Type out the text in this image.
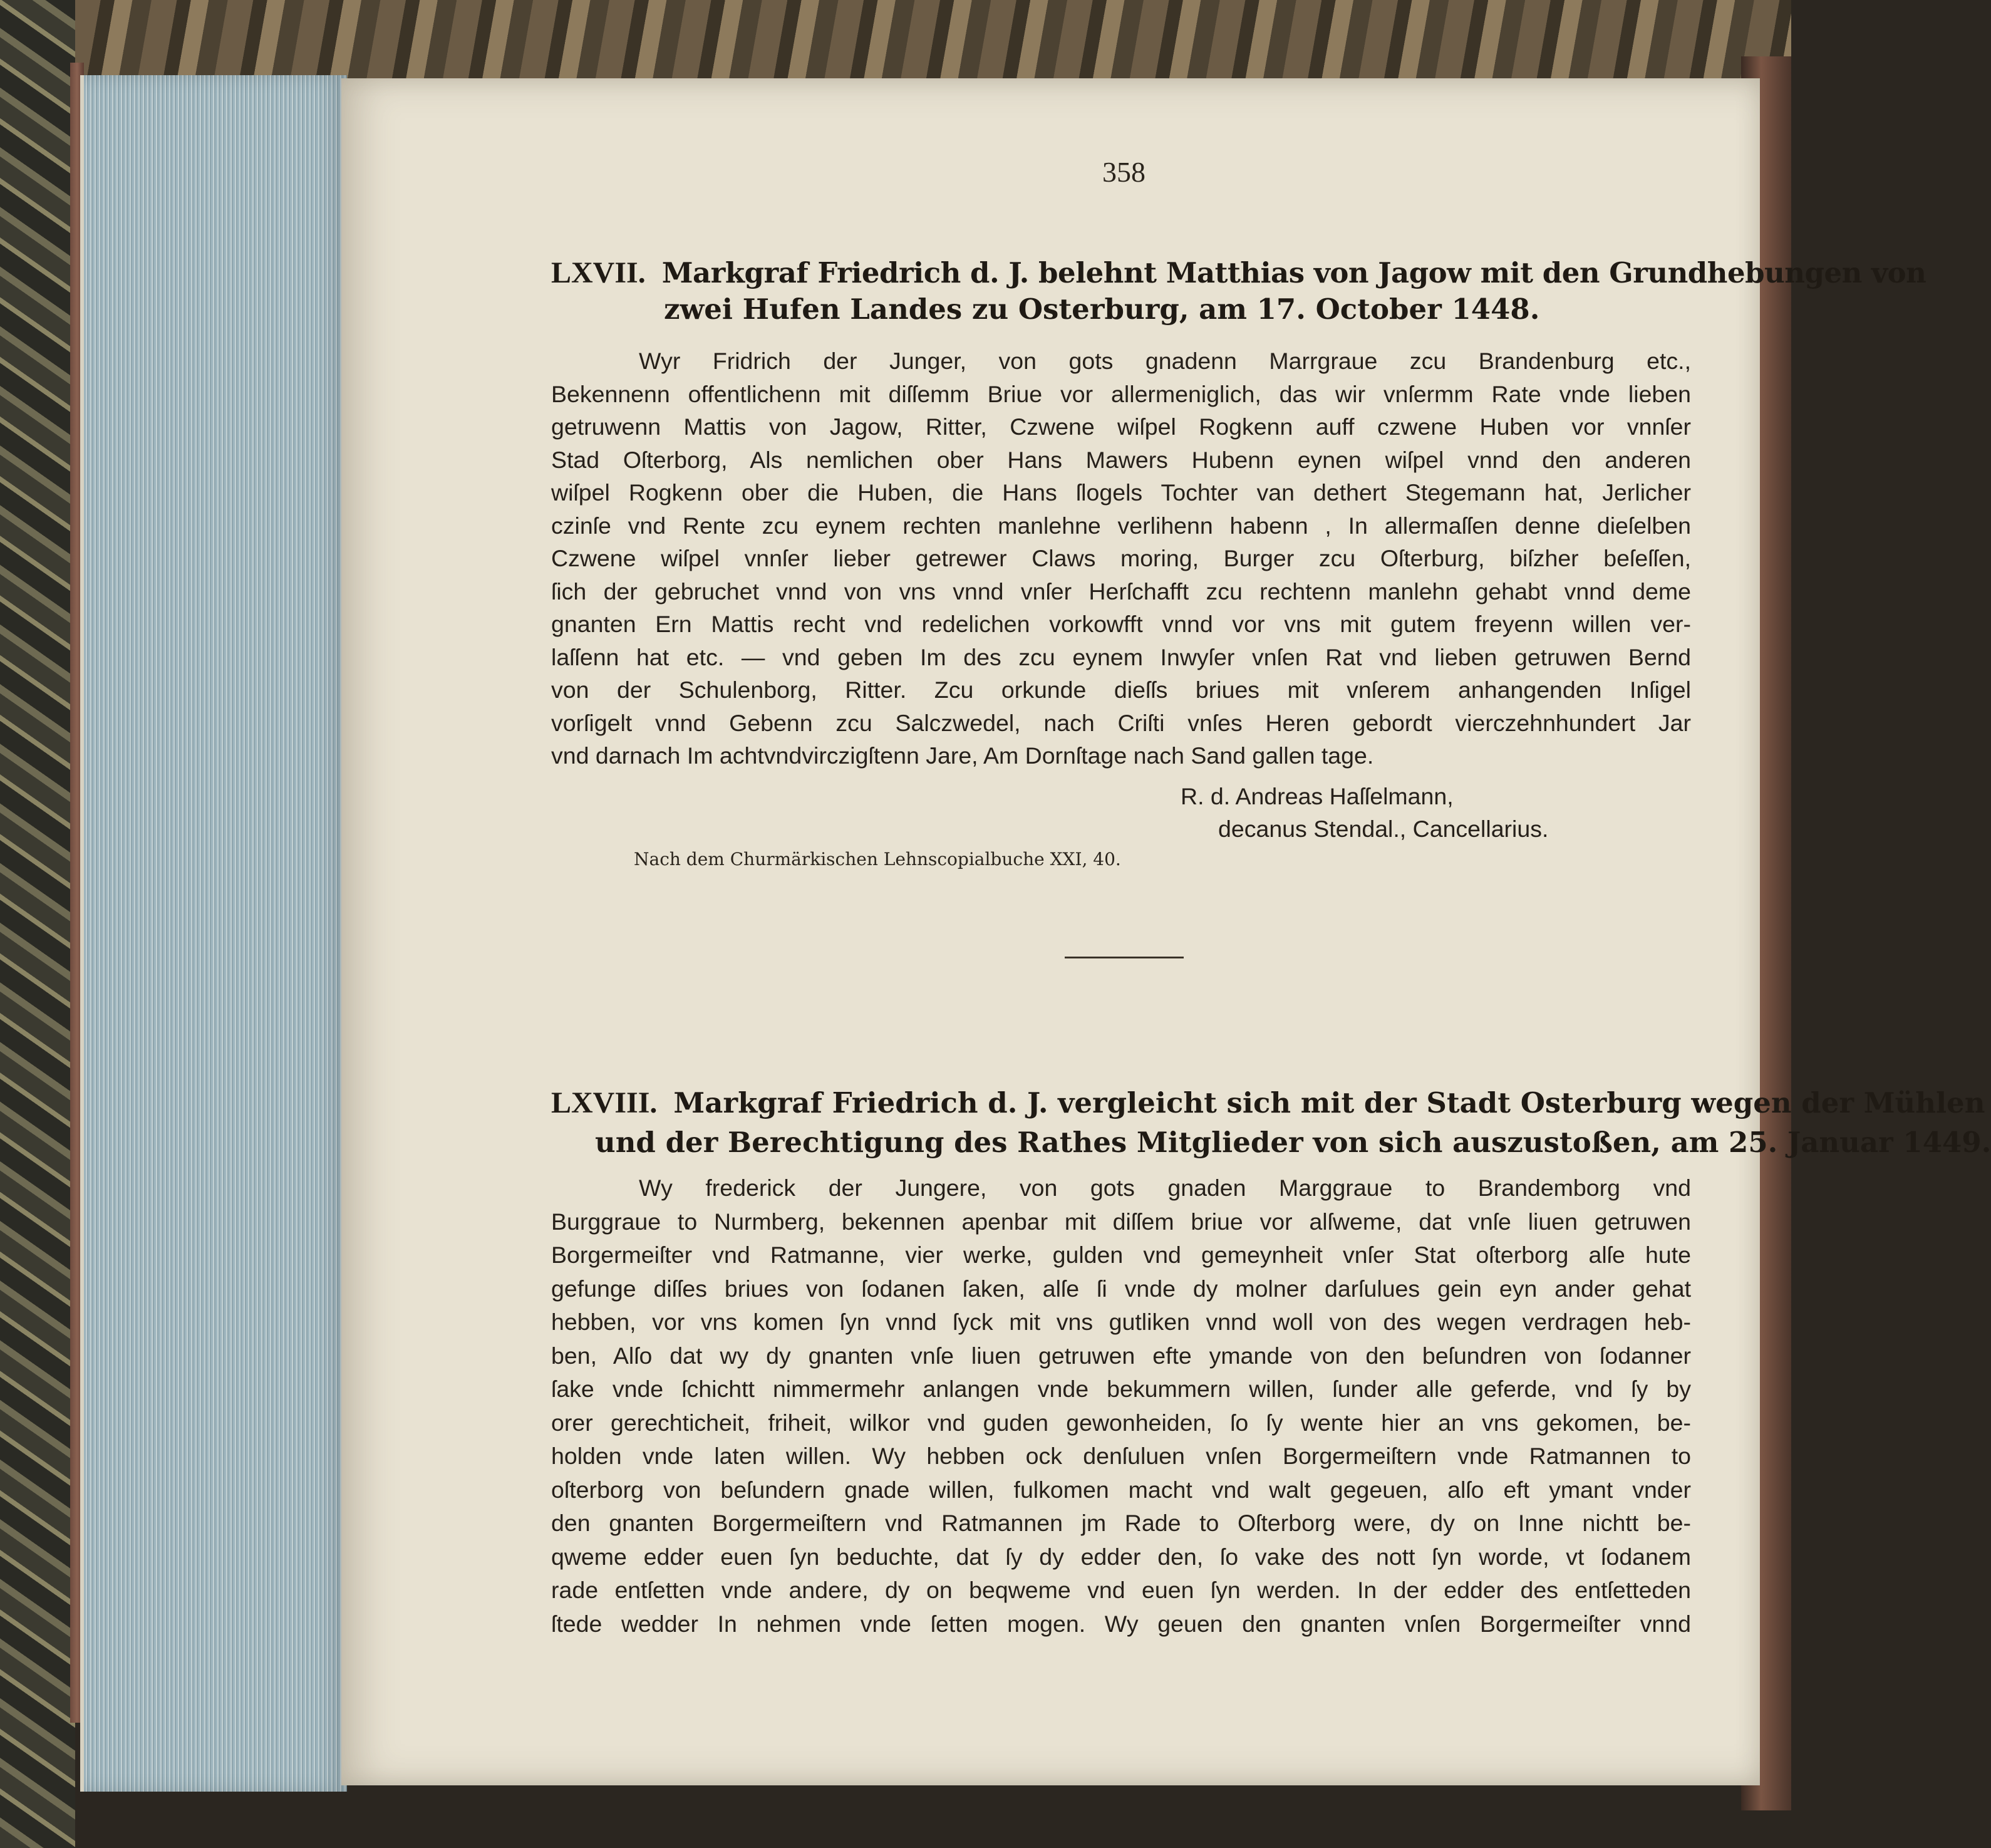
358
LXVII. Markgraf Friedrich d. J. belehnt Matthias von Jagow mit den Grundhebungen von
zwei Hufen Landes zu Osterburg, am 17. October 1448.
Wyr Fridrich der Junger, von gots gnadenn Marrgraue zcu Brandenburg etc.,
Bekennenn offentlichenn mit diſſemm Briue vor allermeniglich, das wir vnſermm Rate vnde lieben
getruwenn Mattis von Jagow, Ritter, Czwene wiſpel Rogkenn auff czwene Huben vor vnnſer
Stad Oſterborg, Als nemlichen ober Hans Mawers Hubenn eynen wiſpel vnnd den anderen
wiſpel Rogkenn ober die Huben, die Hans ſlogels Tochter van dethert Stegemann hat, Jerlicher
czinſe vnd Rente zcu eynem rechten manlehne verlihenn habenn , In allermaſſen denne dieſelben
Czwene wiſpel vnnſer lieber getrewer Claws moring, Burger zcu Oſterburg, biſzher beſeſſen,
ſich der gebruchet vnnd von vns vnnd vnſer Herſchafft zcu rechtenn manlehn gehabt vnnd deme
gnanten Ern Mattis recht vnd redelichen vorkowfft vnnd vor vns mit gutem freyenn willen ver-
laſſenn hat etc. — vnd geben Im des zcu eynem Inwyſer vnſen Rat vnd lieben getruwen Bernd
von der Schulenborg, Ritter. Zcu orkunde dieſſs briues mit vnſerem anhangenden Inſigel
vorſigelt vnnd Gebenn zcu Salczwedel, nach Criſti vnſes Heren gebordt vierczehnhundert Jar
vnd darnach Im achtvndvirczigſtenn Jare, Am Dornſtage nach Sand gallen tage.
R. d. Andreas Haſſelmann,
decanus Stendal., Cancellarius.
Nach dem Churmärkischen Lehnscopialbuche XXI, 40.
LXVIII. Markgraf Friedrich d. J. vergleicht sich mit der Stadt Osterburg wegen der Mühlen
und der Berechtigung des Rathes Mitglieder von sich auszustoßen, am 25. Januar 1449.
Wy frederick der Jungere, von gots gnaden Marggraue to Brandemborg vnd
Burggraue to Nurmberg, bekennen apenbar mit diſſem briue vor alſweme, dat vnſe liuen getruwen
Borgermeiſter vnd Ratmanne, vier werke, gulden vnd gemeynheit vnſer Stat oſterborg alſe hute
gefunge diſſes briues von ſodanen ſaken, alſe ſi vnde dy molner darſulues gein eyn ander gehat
hebben, vor vns komen ſyn vnnd ſyck mit vns gutliken vnnd woll von des wegen verdragen heb-
ben, Alſo dat wy dy gnanten vnſe liuen getruwen efte ymande von den beſundren von ſodanner
ſake vnde ſchichtt nimmermehr anlangen vnde bekummern willen, ſunder alle geferde, vnd ſy by
orer gerechticheit, friheit, wilkor vnd guden gewonheiden, ſo ſy wente hier an vns gekomen, be-
holden vnde laten willen. Wy hebben ock denſuluen vnſen Borgermeiſtern vnde Ratmannen to
oſterborg von beſundern gnade willen, fulkomen macht vnd walt gegeuen, alſo eft ymant vnder
den gnanten Borgermeiſtern vnd Ratmannen jm Rade to Oſterborg were, dy on Inne nichtt be-
qweme edder euen ſyn beduchte, dat ſy dy edder den, ſo vake des nott ſyn worde, vt ſodanem
rade entſetten vnde andere, dy on beqweme vnd euen ſyn werden. In der edder des entſetteden
ſtede wedder In nehmen vnde ſetten mogen. Wy geuen den gnanten vnſen Borgermeiſter vnnd
